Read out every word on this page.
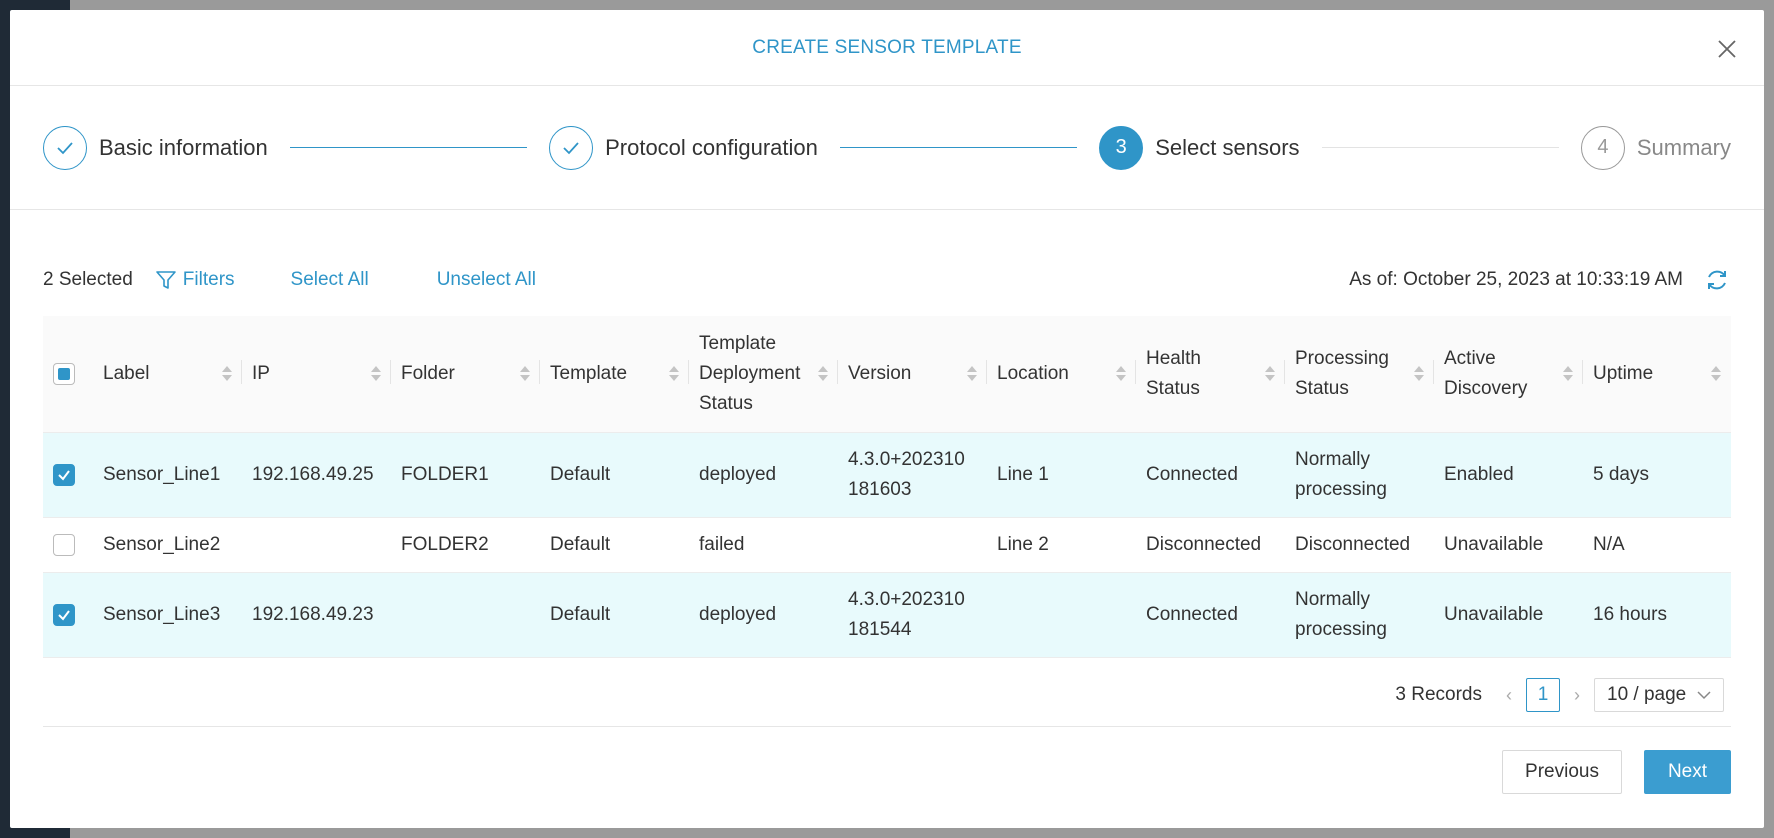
CREATE SENSOR TEMPLATE
Basic information	Protocol configuration	3	Select sensors	4	Summary
2 Selected	Filters	Select All	Unselect All	As of: October 25, 2023 at 10:33:19 AM

	Label	IP	Folder	Template	Template Deployment Status	Version	Location	Health Status	Processing Status	Active Discovery	Uptime

	Sensor_Line1	192.168.49.25	FOLDER1	Default	deployed	4.3.0+202310 181603	Line 1	Connected	Normally processing	Enabled	5 days

	Sensor_Line2		FOLDER2	Default	failed		Line 2	Disconnected	Disconnected	Unavailable	N/A

	Sensor_Line3	192.168.49.23		Default	deployed	4.3.0+202310 181544		Connected	Normally processing	Unavailable	16 hours
3 Records ‹	1	› 10 / page
Previous	Next
